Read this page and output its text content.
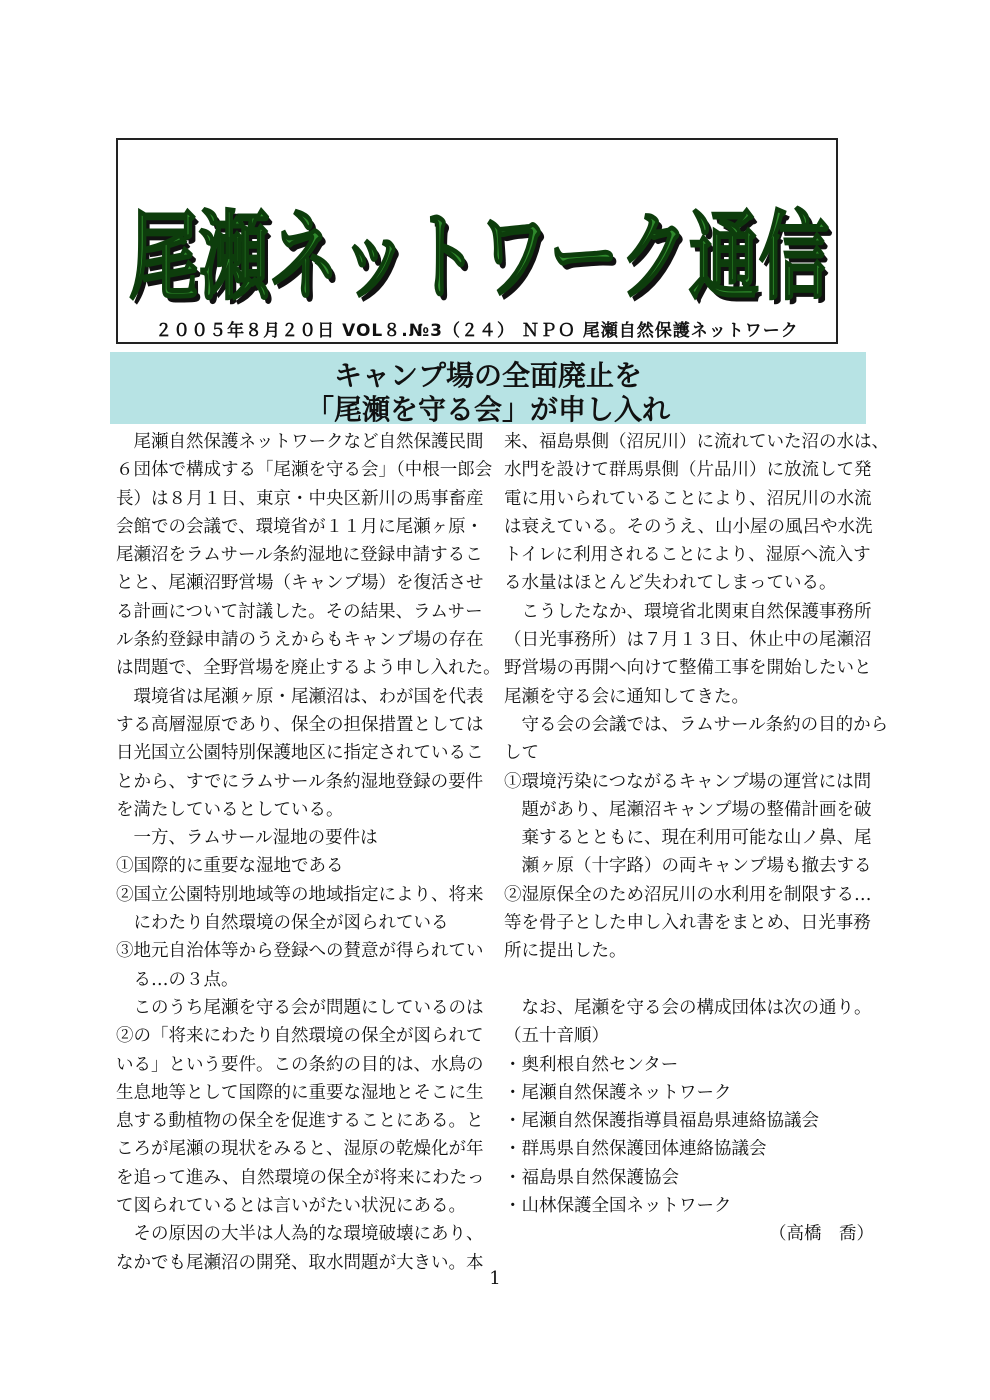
尾瀬ネットワーク通信
尾瀬ネットワーク通信
２００５年８月２０日 VOL８.№3（２４） ＮＰＯ 尾瀬自然保護ネットワーク
キャンプ場の全面廃止を
「尾瀬を守る会」が申し入れ
　尾瀬自然保護ネットワークなど自然保護民間
６団体で構成する「尾瀬を守る会」（中根一郎会
長）は８月１日、東京・中央区新川の馬事畜産
会館での会議で、環境省が１１月に尾瀬ヶ原・
尾瀬沼をラムサール条約湿地に登録申請するこ
とと、尾瀬沼野営場（キャンプ場）を復活させ
る計画について討議した。その結果、ラムサー
ル条約登録申請のうえからもキャンプ場の存在
は問題で、全野営場を廃止するよう申し入れた。
　環境省は尾瀬ヶ原・尾瀬沼は、わが国を代表
する高層湿原であり、保全の担保措置としては
日光国立公園特別保護地区に指定されているこ
とから、すでにラムサール条約湿地登録の要件
を満たしているとしている。
　一方、ラムサール湿地の要件は
①国際的に重要な湿地である
②国立公園特別地域等の地域指定により、将来
　にわたり自然環境の保全が図られている
③地元自治体等から登録への賛意が得られてい
　る…の３点。
　このうち尾瀬を守る会が問題にしているのは
②の「将来にわたり自然環境の保全が図られて
いる」という要件。この条約の目的は、水鳥の
生息地等として国際的に重要な湿地とそこに生
息する動植物の保全を促進することにある。と
ころが尾瀬の現状をみると、湿原の乾燥化が年
を追って進み、自然環境の保全が将来にわたっ
て図られているとは言いがたい状況にある。
　その原因の大半は人為的な環境破壊にあり、
なかでも尾瀬沼の開発、取水問題が大きい。本
来、福島県側（沼尻川）に流れていた沼の水は、
水門を設けて群馬県側（片品川）に放流して発
電に用いられていることにより、沼尻川の水流
は衰えている。そのうえ、山小屋の風呂や水洗
トイレに利用されることにより、湿原へ流入す
る水量はほとんど失われてしまっている。
　こうしたなか、環境省北関東自然保護事務所
（日光事務所）は７月１３日、休止中の尾瀬沼
野営場の再開へ向けて整備工事を開始したいと
尾瀬を守る会に通知してきた。
　守る会の会議では、ラムサール条約の目的から
して
①環境汚染につながるキャンプ場の運営には問
　題があり、尾瀬沼キャンプ場の整備計画を破
　棄するとともに、現在利用可能な山ノ鼻、尾
　瀬ヶ原（十字路）の両キャンプ場も撤去する
②湿原保全のため沼尻川の水利用を制限する…
等を骨子とした申し入れ書をまとめ、日光事務
所に提出した。
　なお、尾瀬を守る会の構成団体は次の通り。
（五十音順）
・奥利根自然センター
・尾瀬自然保護ネットワーク
・尾瀬自然保護指導員福島県連絡協議会
・群馬県自然保護団体連絡協議会
・福島県自然保護協会
・山林保護全国ネットワーク
（高橋　喬）
1
